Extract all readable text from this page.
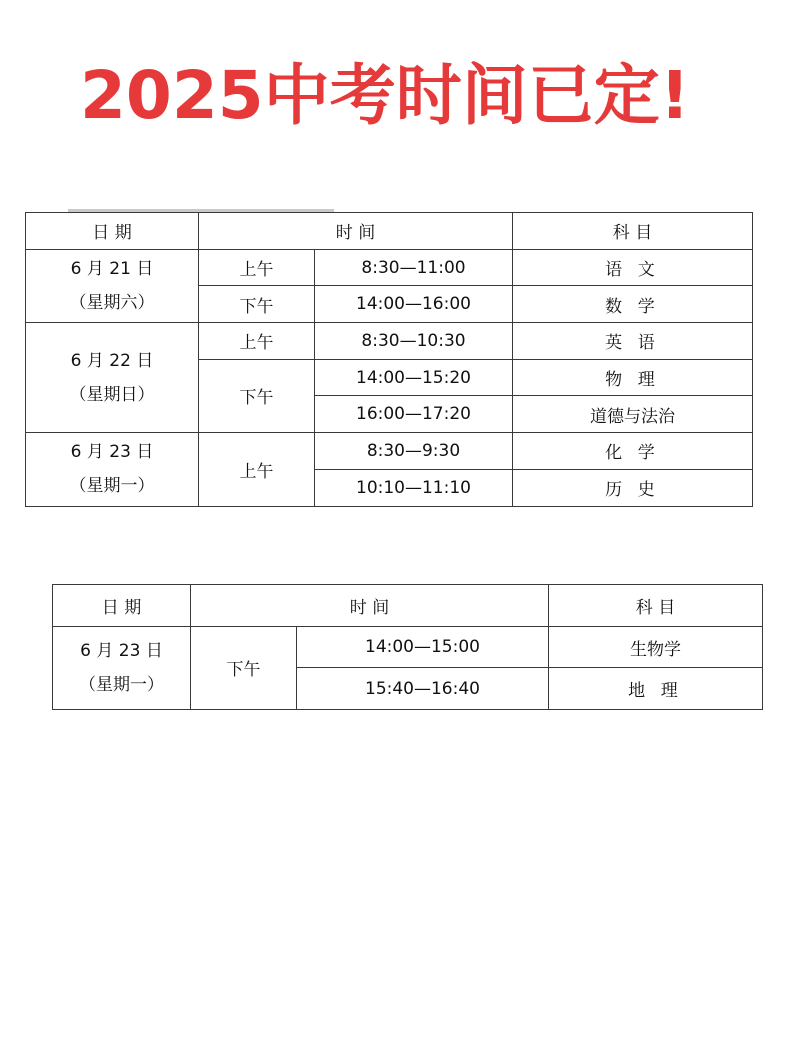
2025中考时间已定!
日 期	时 间		科 目

6 月 21 日
（星期六）	上午	8:30—11:00	语 文
	下午	14:00—16:00	数 学

6 月 22 日
（星期日）	上午	8:30—10:30	英 语
	下午	14:00—15:20	物 理
		16:00—17:20	道德与法治

6 月 23 日
（星期一）	上午	8:30—9:30	化 学
		10:10—11:10	历 史
日 期	时 间		科 目

6 月 23 日
（星期一）	下午	14:00—15:00	生物学
		15:40—16:40	地 理
